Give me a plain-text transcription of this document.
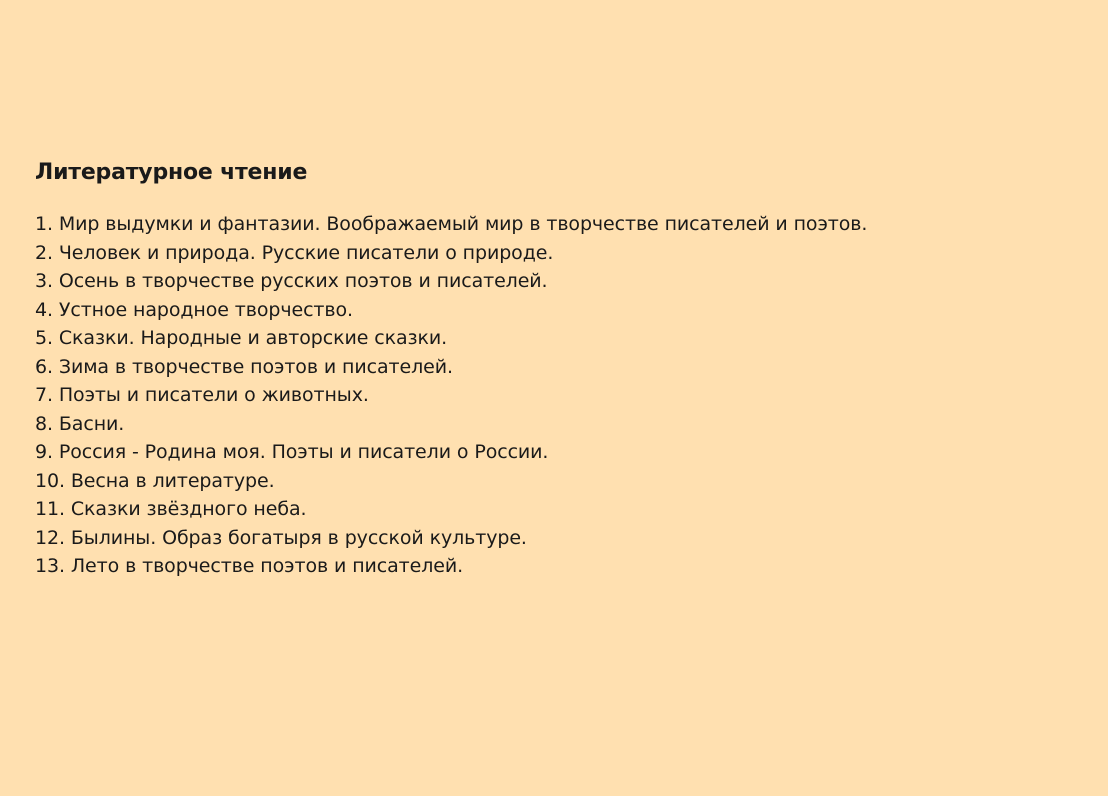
Литературное чтение
1. Мир выдумки и фантазии. Воображаемый мир в творчестве писателей и поэтов.
2. Человек и природа. Русские писатели о природе.
3. Осень в творчестве русских поэтов и писателей.
4. Устное народное творчество.
5. Сказки. Народные и авторские сказки.
6. Зима в творчестве поэтов и писателей.
7. Поэты и писатели о животных.
8. Басни.
9. Россия - Родина моя. Поэты и писатели о России.
10. Весна в литературе.
11. Сказки звёздного неба.
12. Былины. Образ богатыря в русской культуре.
13. Лето в творчестве поэтов и писателей.
